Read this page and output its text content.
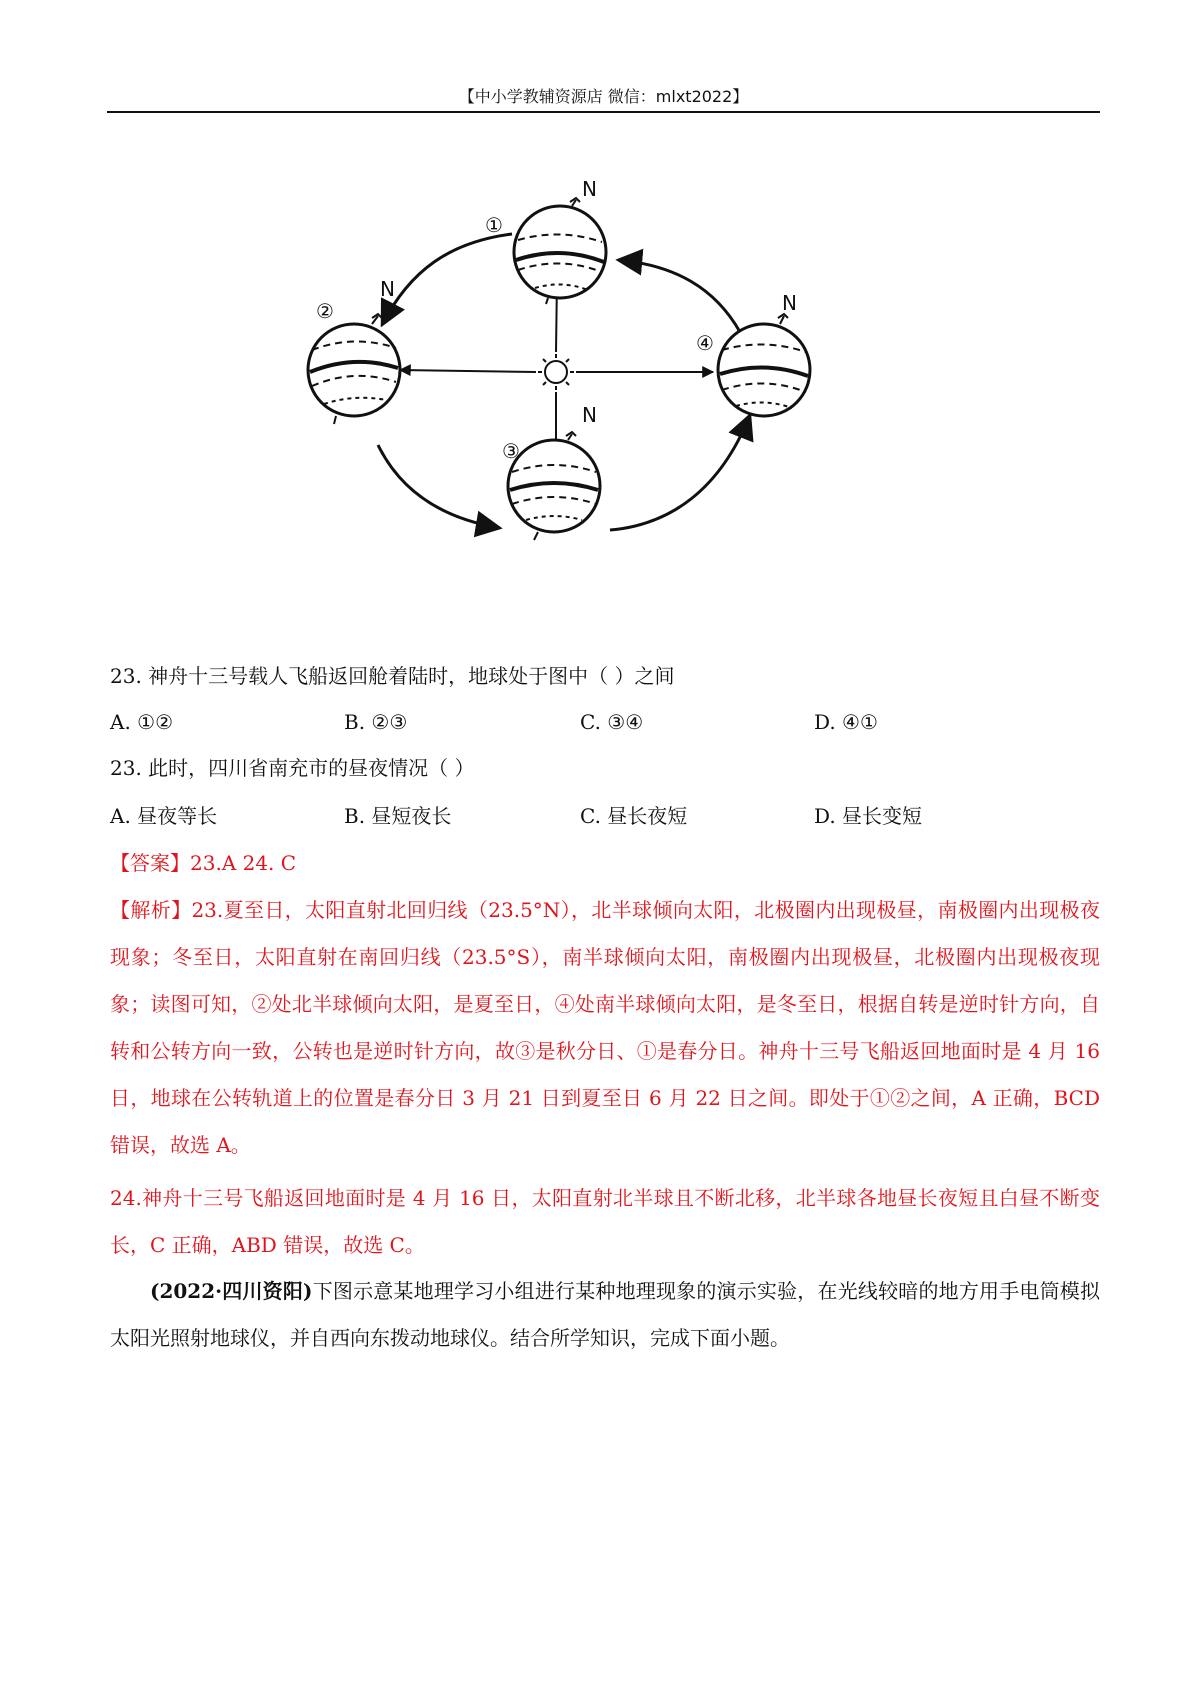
【中小学教辅资源店 微信：mlxt2022】
①
N
②
N
③
N
④
N
23. 神舟十三号载人飞船返回舱着陆时，地球处于图中（ ）之间
A. ①②	B. ②③	C. ③④	D. ④①
23. 此时，四川省南充市的昼夜情况（ ）
A. 昼夜等长	B. 昼短夜长	C. 昼长夜短	D. 昼长变短
【答案】23.A 24. C
【解析】23.夏至日，太阳直射北回归线（23.5°N），北半球倾向太阳，北极圈内出现极昼，南极圈内出现极夜现象；冬至日，太阳直射在南回归线（23.5°S），南半球倾向太阳，南极圈内出现极昼，北极圈内出现极夜现象；读图可知，②处北半球倾向太阳，是夏至日，④处南半球倾向太阳，是冬至日，根据自转是逆时针方向，自转和公转方向一致，公转也是逆时针方向，故③是秋分日、①是春分日。神舟十三号飞船返回地面时是 4 月 16 日，地球在公转轨道上的位置是春分日 3 月 21 日到夏至日 6 月 22 日之间。即处于①②之间，A 正确，BCD 错误，故选 A。
24.神舟十三号飞船返回地面时是 4 月 16 日，太阳直射北半球且不断北移，北半球各地昼长夜短且白昼不断变长，C 正确，ABD 错误，故选 C。
(2022·四川资阳)下图示意某地理学习小组进行某种地理现象的演示实验，在光线较暗的地方用手电筒模拟太阳光照射地球仪，并自西向东拨动地球仪。结合所学知识，完成下面小题。
